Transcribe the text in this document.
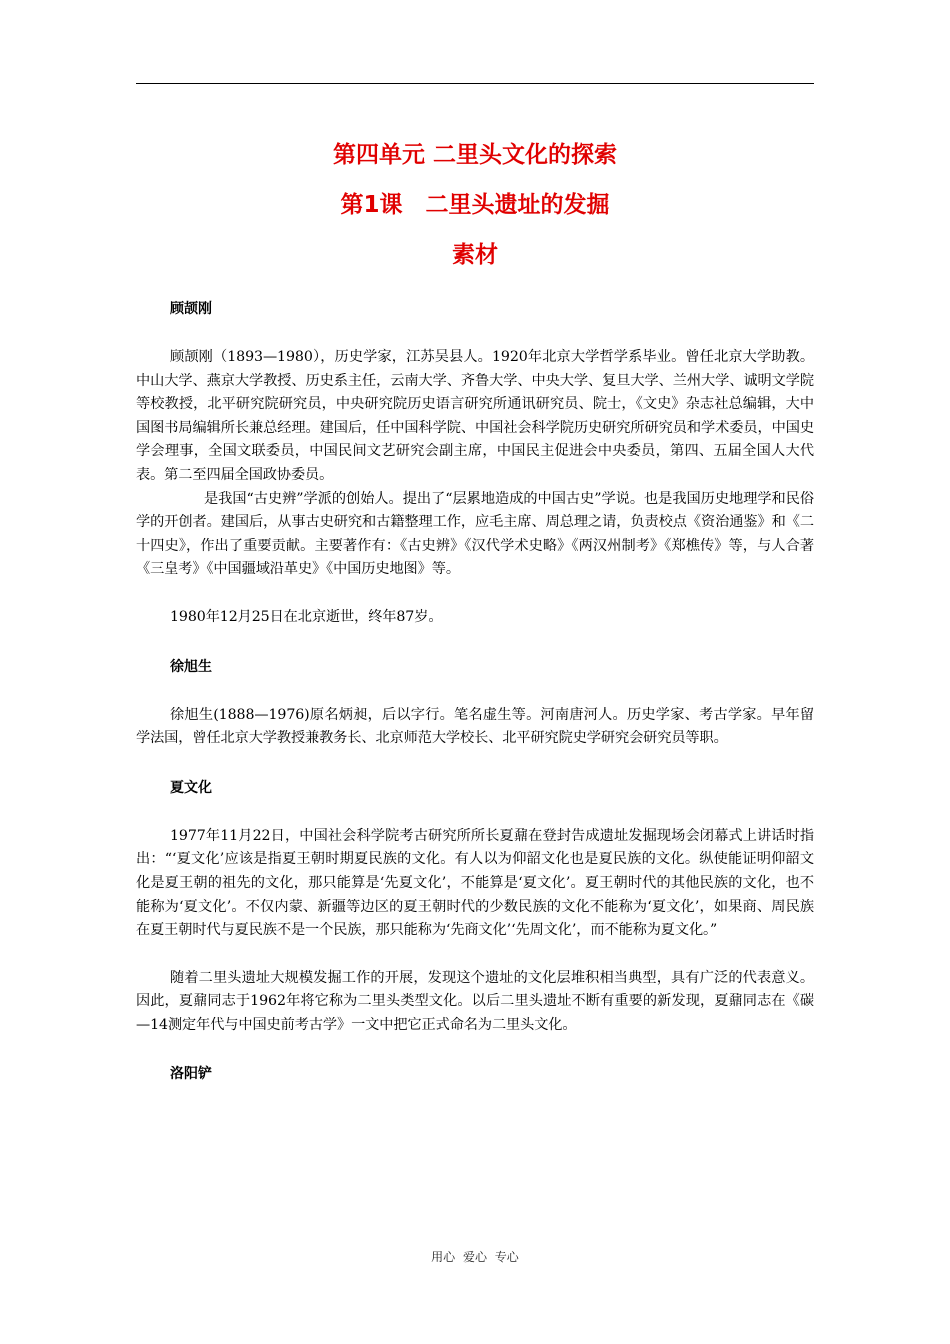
第四单元 二里头文化的探索
第1课　二里头遗址的发掘
素材
顾颉刚
顾颉刚（1893—1980），历史学家，江苏吴县人。1920年北京大学哲学系毕业。曾任北京大学助教。中山大学、燕京大学教授、历史系主任，云南大学、齐鲁大学、中央大学、复旦大学、兰州大学、诚明文学院等校教授，北平研究院研究员，中央研究院历史语言研究所通讯研究员、院士，《文史》杂志社总编辑，大中国图书局编辑所长兼总经理。建国后，任中国科学院、中国社会科学院历史研究所研究员和学术委员，中国史学会理事，全国文联委员，中国民间文艺研究会副主席，中国民主促进会中央委员，第四、五届全国人大代表。第二至四届全国政协委员。
是我国“古史辨”学派的创始人。提出了“层累地造成的中国古史”学说。也是我国历史地理学和民俗学的开创者。建国后，从事古史研究和古籍整理工作，应毛主席、周总理之请，负责校点《资治通鉴》和《二十四史》，作出了重要贡献。主要著作有：《古史辨》《汉代学术史略》《两汉州制考》《郑樵传》等，与人合著《三皇考》《中国疆域沿革史》《中国历史地图》等。
1980年12月25日在北京逝世，终年87岁。
徐旭生
徐旭生(1888—1976)原名炳昶，后以字行。笔名虚生等。河南唐河人。历史学家、考古学家。早年留学法国，曾任北京大学教授兼教务长、北京师范大学校长、北平研究院史学研究会研究员等职。
夏文化
1977年11月22日，中国社会科学院考古研究所所长夏鼐在登封告成遗址发掘现场会闭幕式上讲话时指出：“‘夏文化’应该是指夏王朝时期夏民族的文化。有人以为仰韶文化也是夏民族的文化。纵使能证明仰韶文化是夏王朝的祖先的文化，那只能算是‘先夏文化’，不能算是‘夏文化’。夏王朝时代的其他民族的文化，也不能称为‘夏文化’。不仅内蒙、新疆等边区的夏王朝时代的少数民族的文化不能称为‘夏文化’，如果商、周民族在夏王朝时代与夏民族不是一个民族，那只能称为‘先商文化’‘先周文化’，而不能称为夏文化。”
随着二里头遗址大规模发掘工作的开展，发现这个遗址的文化层堆积相当典型，具有广泛的代表意义。因此，夏鼐同志于1962年将它称为二里头类型文化。以后二里头遗址不断有重要的新发现，夏鼐同志在《碳—14测定年代与中国史前考古学》一文中把它正式命名为二里头文化。
洛阳铲
用心 爱心 专心
